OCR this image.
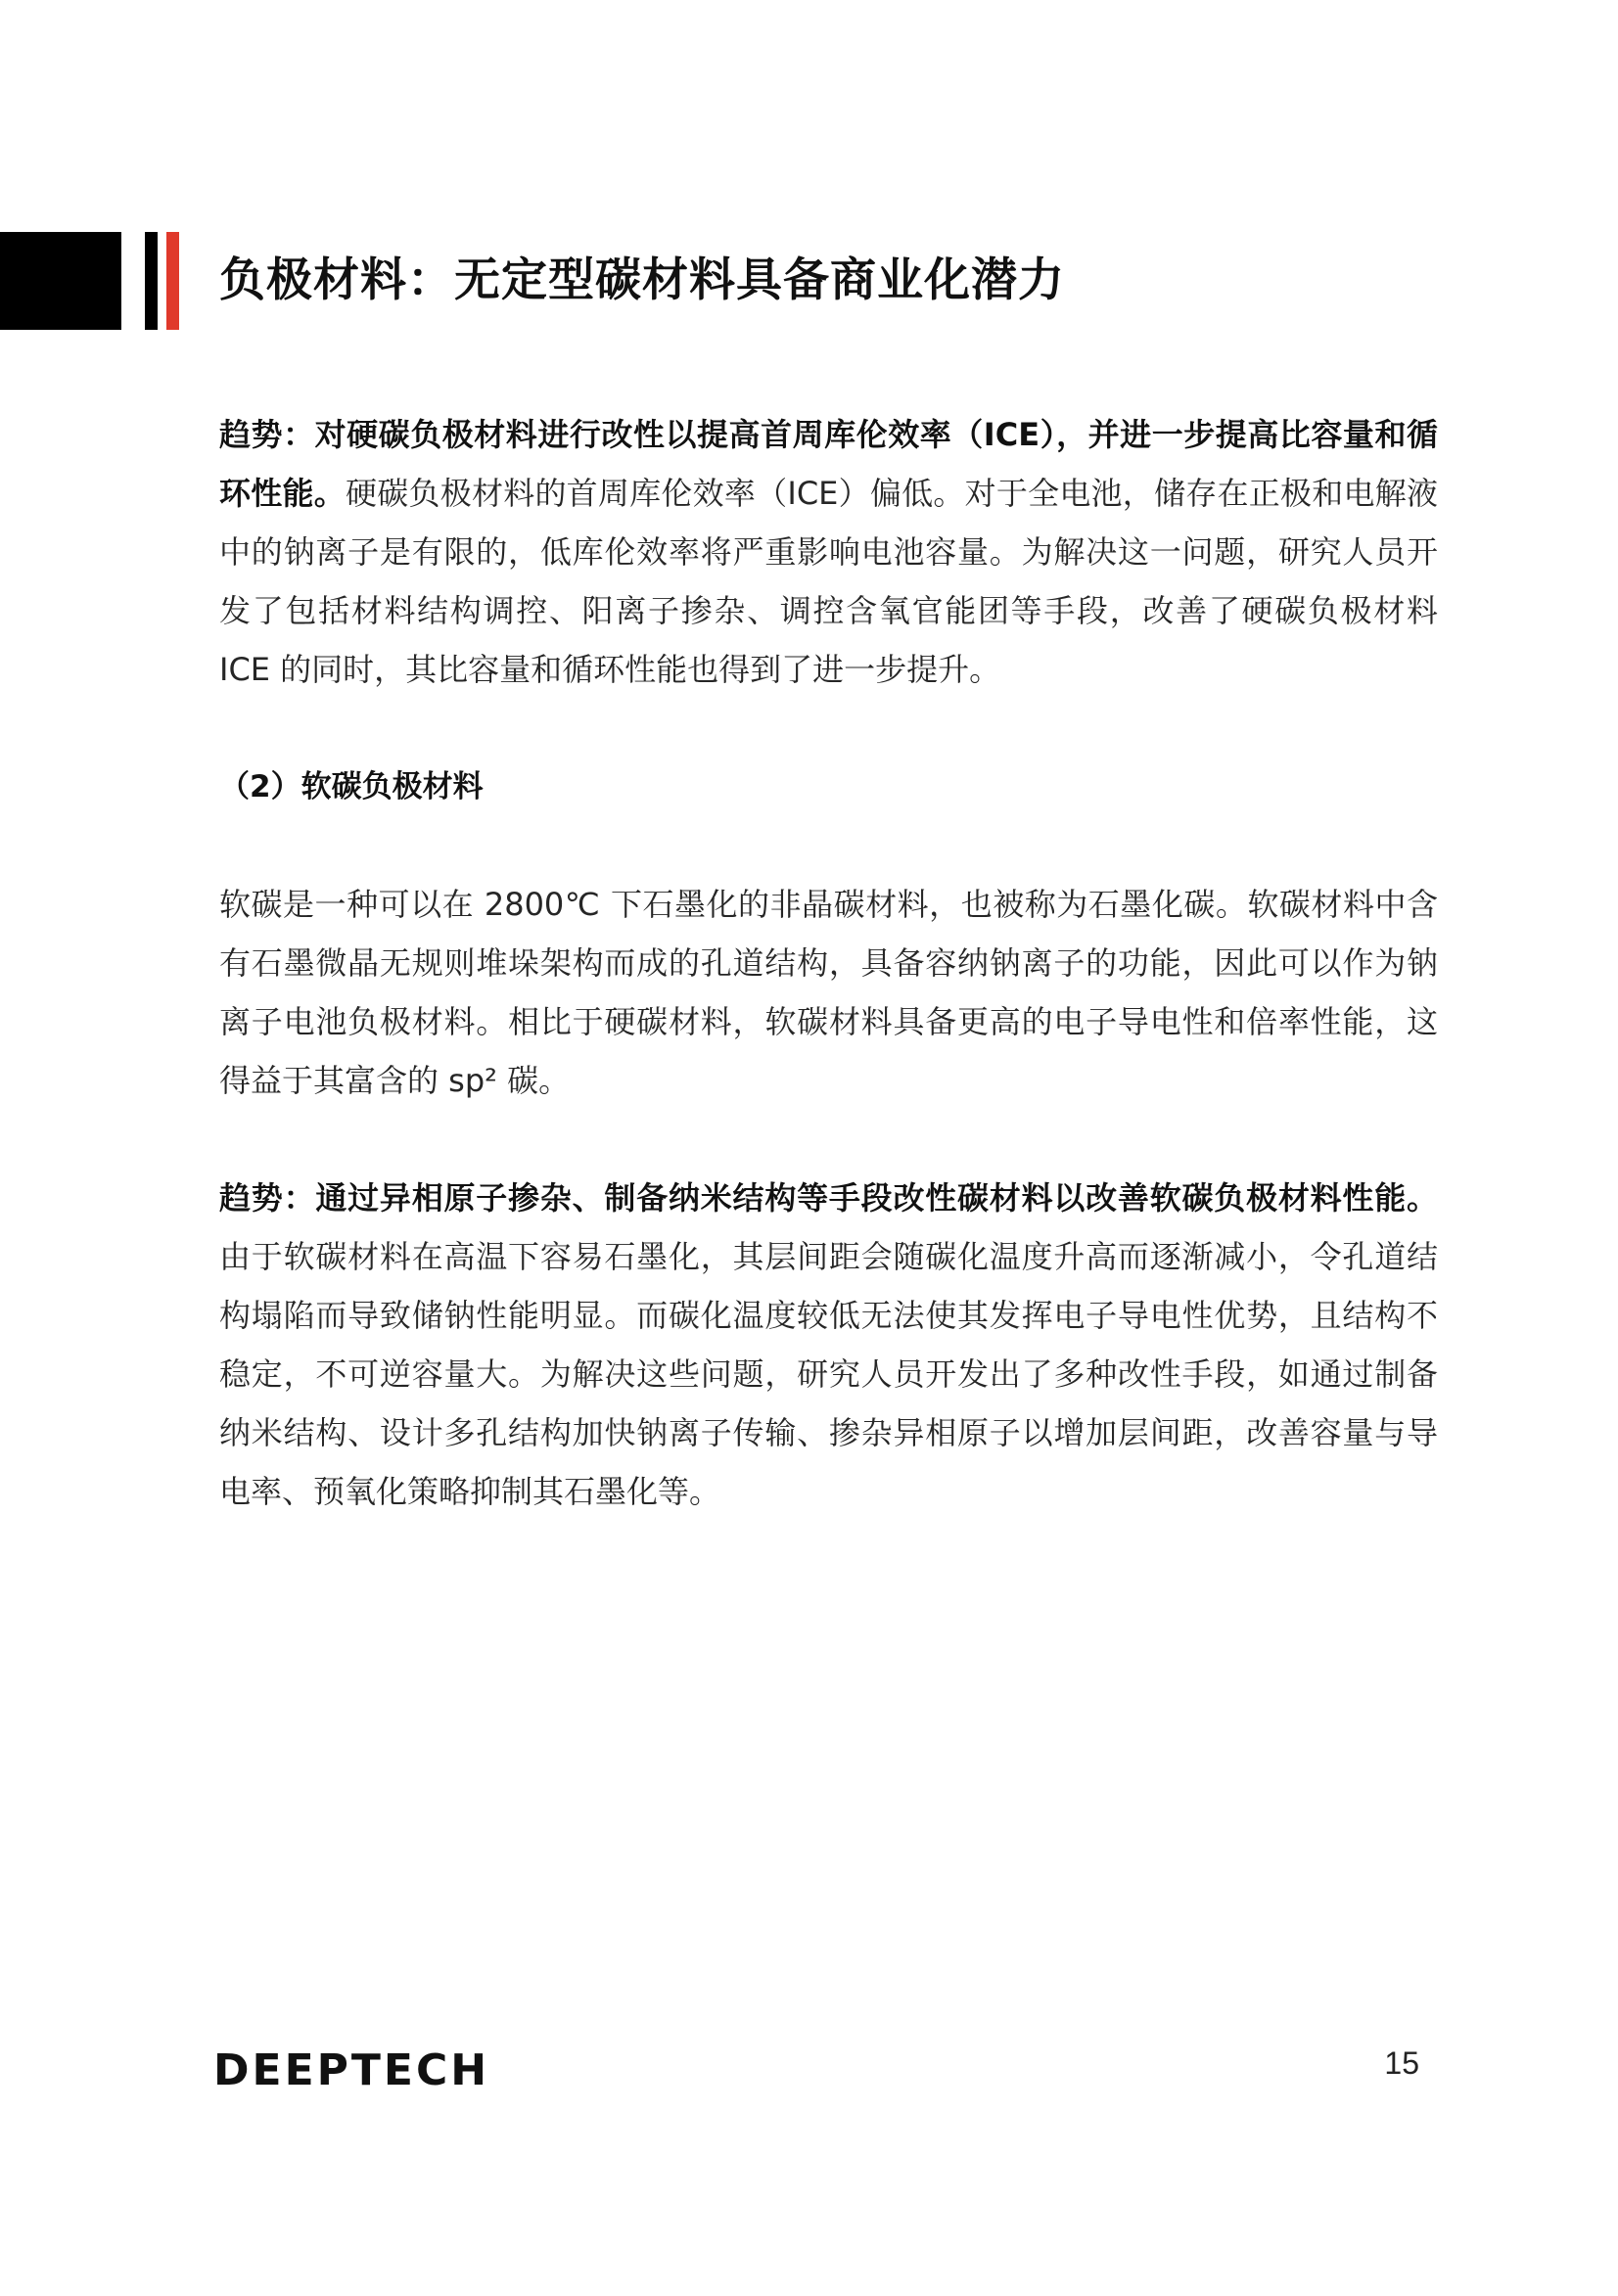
负极材料：无定型碳材料具备商业化潜力

趋势：对硬碳负极材料进行改性以提高首周库伦效率（ICE），并进一步提高比容量和循环性能。硬碳负极材料的首周库伦效率（ICE）偏低。对于全电池，储存在正极和电解液中的钠离子是有限的，低库伦效率将严重影响电池容量。为解决这一问题，研究人员开发了包括材料结构调控、阳离子掺杂、调控含氧官能团等手段，改善了硬碳负极材料 ICE 的同时，其比容量和循环性能也得到了进一步提升。

（2）软碳负极材料

软碳是一种可以在 2800℃ 下石墨化的非晶碳材料，也被称为石墨化碳。软碳材料中含有石墨微晶无规则堆垛架构而成的孔道结构，具备容纳钠离子的功能，因此可以作为钠离子电池负极材料。相比于硬碳材料，软碳材料具备更高的电子导电性和倍率性能，这得益于其富含的 sp² 碳。

趋势：通过异相原子掺杂、制备纳米结构等手段改性碳材料以改善软碳负极材料性能。由于软碳材料在高温下容易石墨化，其层间距会随碳化温度升高而逐渐减小，令孔道结构塌陷而导致储钠性能明显。而碳化温度较低无法使其发挥电子导电性优势，且结构不稳定，不可逆容量大。为解决这些问题，研究人员开发出了多种改性手段，如通过制备纳米结构、设计多孔结构加快钠离子传输、掺杂异相原子以增加层间距，改善容量与导电率、预氧化策略抑制其石墨化等。

DEEPTECH	15
